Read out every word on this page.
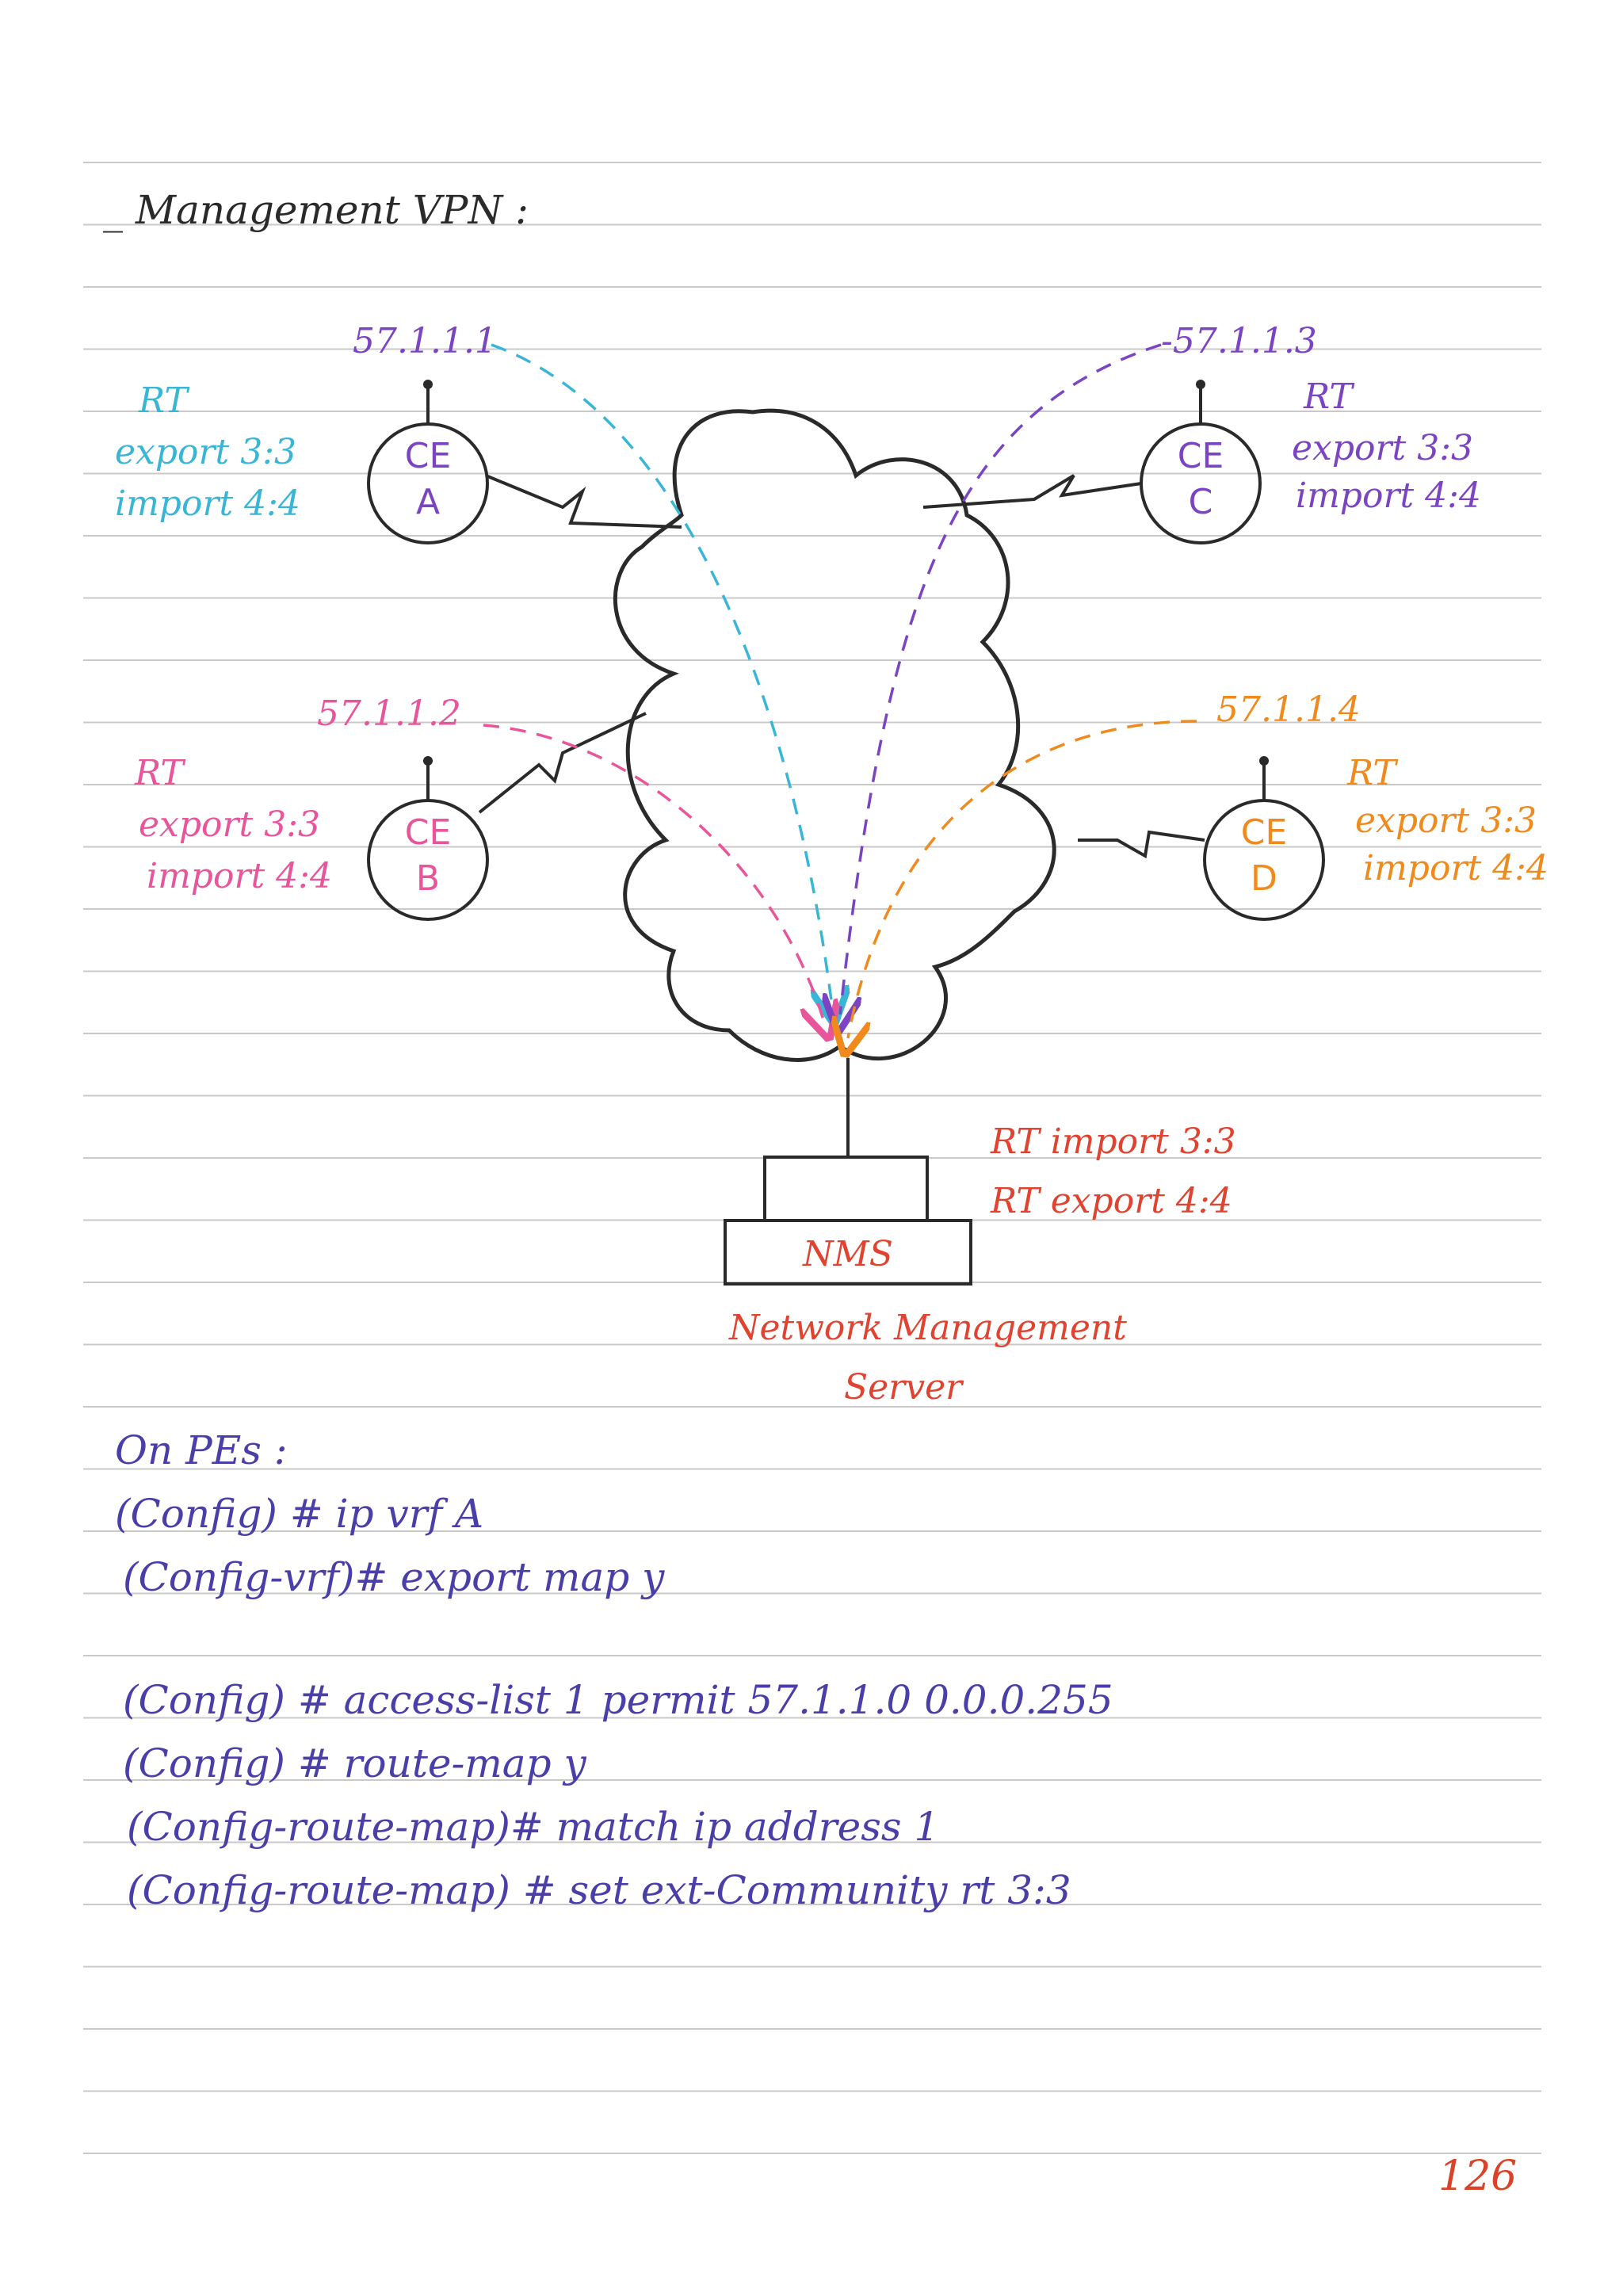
_ Management VPN :
CE
A
CE
B
CE
C
CE
D
NMS
57.1.1.1
57.1.1.2
-57.1.1.3
57.1.1.4
RT
export 3:3
import 4:4
RT
export 3:3
import 4:4
RT
export 3:3
import 4:4
RT
export 3:3
import 4:4
RT import 3:3
RT export 4:4
Network Management
Server
On PEs :
(Config) # ip vrf A
(Config-vrf)# export map y
(Config) # access-list 1 permit 57.1.1.0 0.0.0.255
(Config) # route-map y
(Config-route-map)# match ip address 1
(Config-route-map) # set ext-Community rt 3:3
126
